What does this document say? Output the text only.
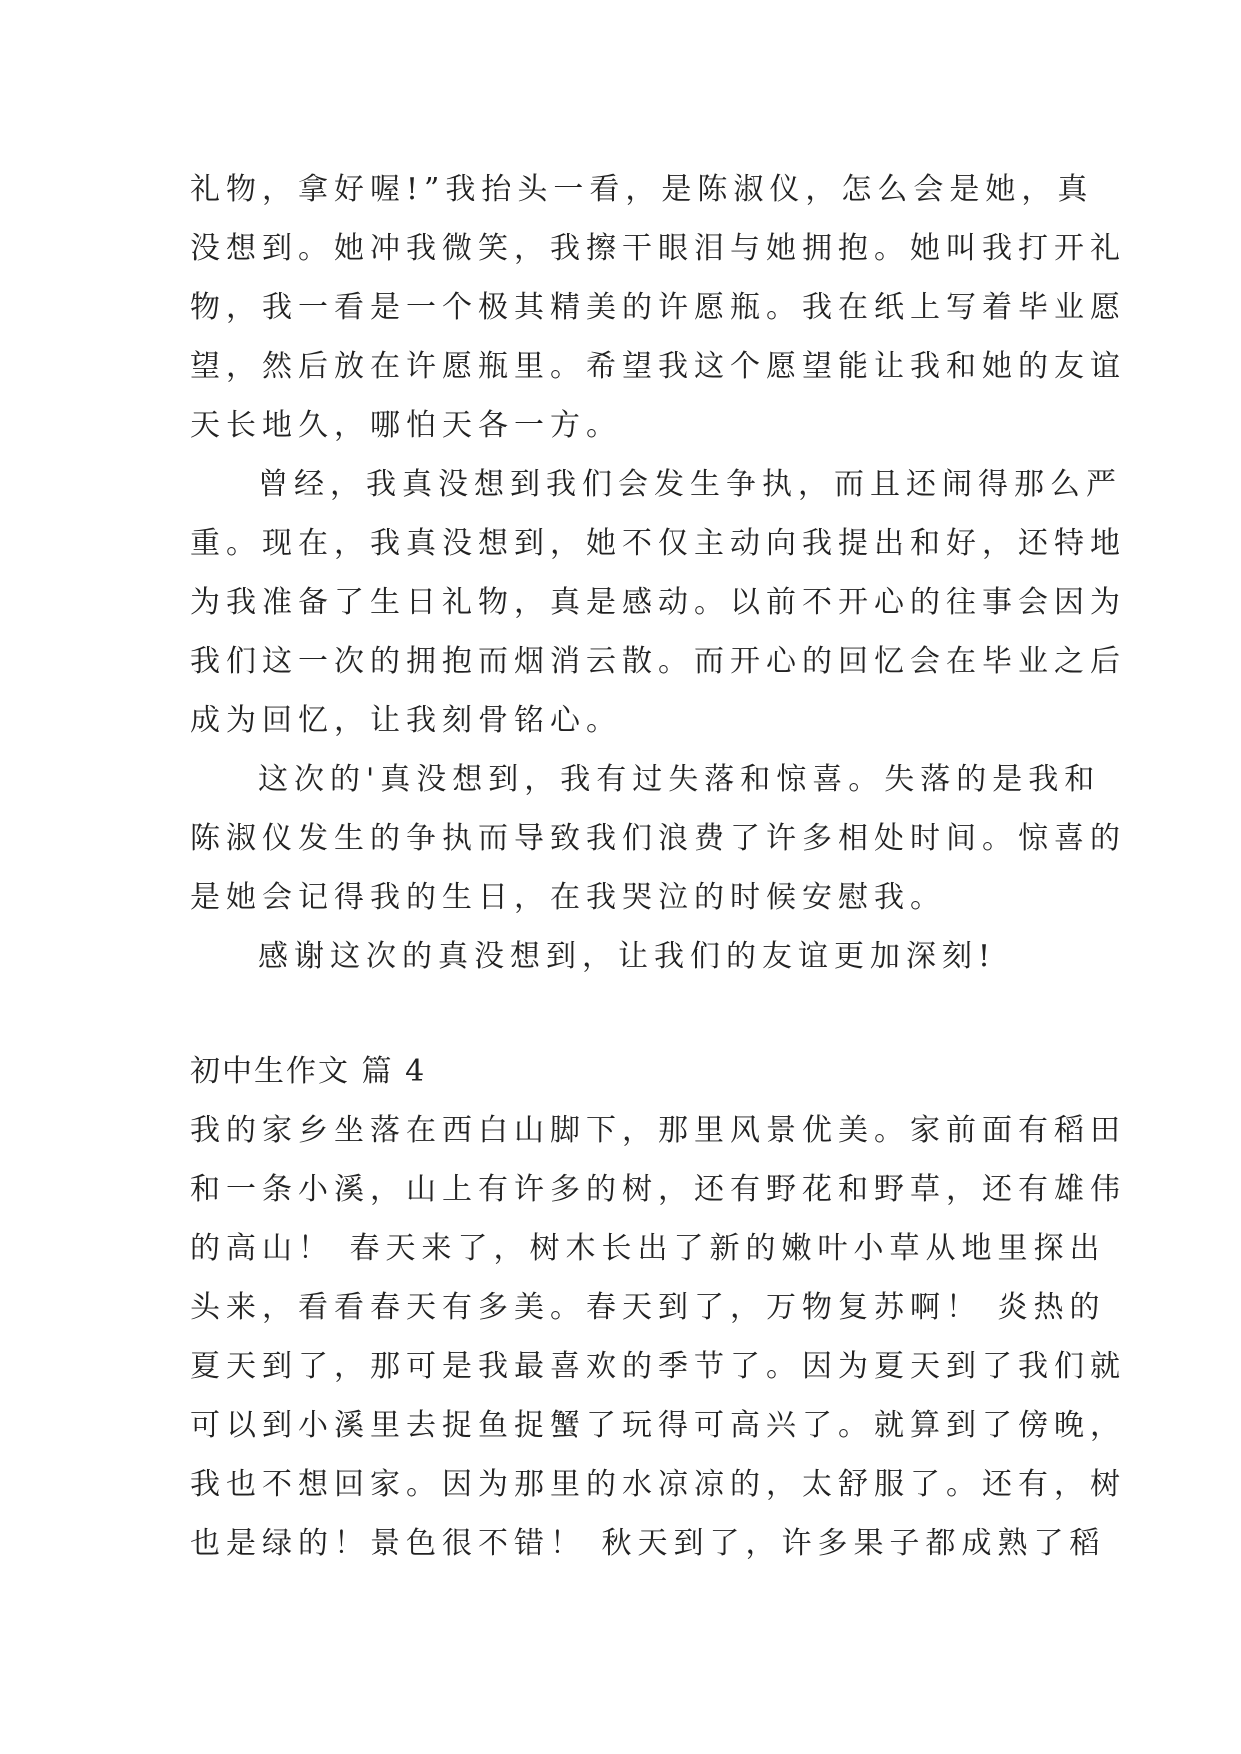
礼物，拿好喔!”我抬头一看，是陈淑仪，怎么会是她，真
没想到。她冲我微笑，我擦干眼泪与她拥抱。她叫我打开礼
物，我一看是一个极其精美的许愿瓶。我在纸上写着毕业愿
望，然后放在许愿瓶里。希望我这个愿望能让我和她的友谊
天长地久，哪怕天各一方。
曾经，我真没想到我们会发生争执，而且还闹得那么严
重。现在，我真没想到，她不仅主动向我提出和好，还特地
为我准备了生日礼物，真是感动。以前不开心的往事会因为
我们这一次的拥抱而烟消云散。而开心的回忆会在毕业之后
成为回忆，让我刻骨铭心。
这次的'真没想到，我有过失落和惊喜。失落的是我和
陈淑仪发生的争执而导致我们浪费了许多相处时间。惊喜的
是她会记得我的生日，在我哭泣的时候安慰我。
感谢这次的真没想到，让我们的友谊更加深刻!
初中生作文 篇 4
我的家乡坐落在西白山脚下，那里风景优美。家前面有稻田
和一条小溪，山上有许多的树，还有野花和野草，还有雄伟
的高山！ 春天来了，树木长出了新的嫩叶小草从地里探出
头来，看看春天有多美。春天到了，万物复苏啊！ 炎热的
夏天到了，那可是我最喜欢的季节了。因为夏天到了我们就
可以到小溪里去捉鱼捉蟹了玩得可高兴了。就算到了傍晚，
我也不想回家。因为那里的水凉凉的，太舒服了。还有，树
也是绿的！景色很不错！ 秋天到了，许多果子都成熟了稻
